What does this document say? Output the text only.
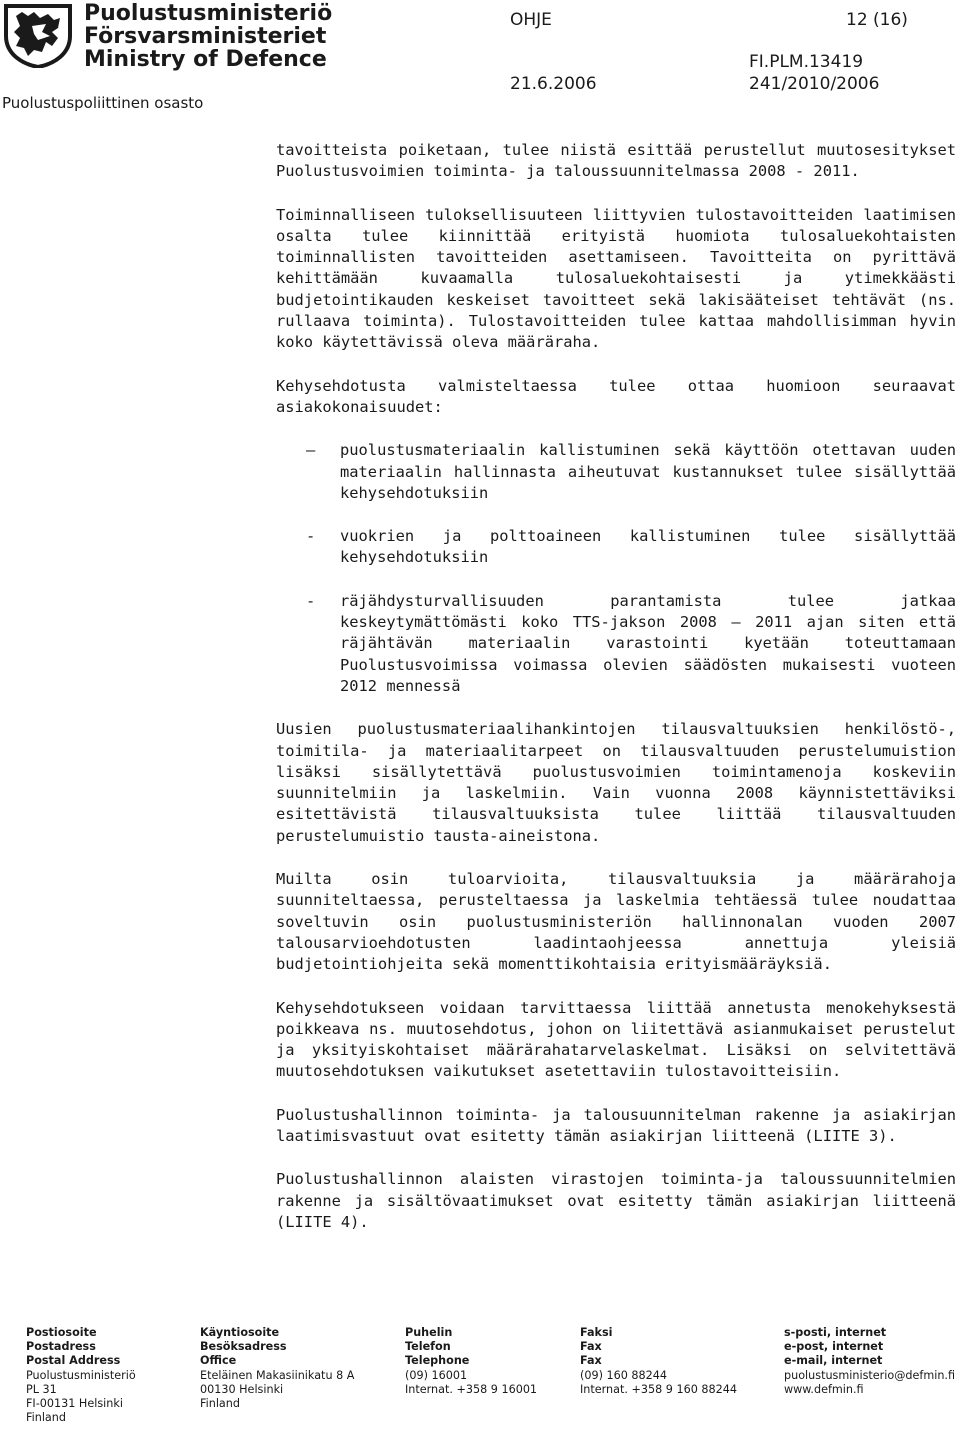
Puolustusministeriö
Försvarsministeriet
Ministry of Defence
Puolustuspoliittinen osasto
OHJE	12 (16)
FI.PLM.13419
21.6.2006	241/2010/2006

tavoitteista poiketaan, tulee niistä esittää perustellut muutosesitykset Puolustusvoimien toiminta- ja taloussuunnitelmassa 2008 - 2011.

Toiminnalliseen tuloksellisuuteen liittyvien tulostavoitteiden laatimisen osalta tulee kiinnittää erityistä huomiota tulosaluekohtaisten toiminnallisten tavoitteiden asettamiseen. Tavoitteita on pyrittävä kehittämään kuvaamalla tulosaluekohtaisesti ja ytimekkäästi budjetointikauden keskeiset tavoitteet sekä lakisääteiset tehtävät (ns. rullaava toiminta). Tulostavoitteiden tulee kattaa mahdollisimman hyvin koko käytettävissä oleva määräraha.

Kehysehdotusta valmisteltaessa tulee ottaa huomioon seuraavat asiakokonaisuudet:

– puolustusmateriaalin kallistuminen sekä käyttöön otettavan uuden materiaalin hallinnasta aiheutuvat kustannukset tulee sisällyttää kehysehdotuksiin
- vuokrien ja polttoaineen kallistuminen tulee sisällyttää kehysehdotuksiin
- räjähdysturvallisuuden parantamista tulee jatkaa keskeytymättömästi koko TTS-jakson 2008 — 2011 ajan siten että räjähtävän materiaalin varastointi kyetään toteuttamaan Puolustusvoimissa voimassa olevien säädösten mukaisesti vuoteen 2012 mennessä

Uusien puolustusmateriaalihankintojen tilausvaltuuksien henkilöstö-, toimitila- ja materiaalitarpeet on tilausvaltuuden perustelumuistion lisäksi sisällytettävä puolustusvoimien toimintamenoja koskeviin suunnitelmiin ja laskelmiin. Vain vuonna 2008 käynnistettäviksi esitettävistä tilausvaltuuksista tulee liittää tilausvaltuuden perustelumuistio tausta-aineistona.

Muilta osin tuloarvioita, tilausvaltuuksia ja määrärahoja suunniteltaessa, perusteltaessa ja laskelmia tehtäessä tulee noudattaa soveltuvin osin puolustusministeriön hallinnonalan vuoden 2007 talousarvioehdotusten laadintaohjeessa annettuja yleisiä budjetointiohjeita sekä momenttikohtaisia erityismääräyksiä.

Kehysehdotukseen voidaan tarvittaessa liittää annetusta menokehyksestä poikkeava ns. muutosehdotus, johon on liitettävä asianmukaiset perustelut ja yksityiskohtaiset määrärahatarvelaskelmat. Lisäksi on selvitettävä muutosehdotuksen vaikutukset asetettaviin tulostavoitteisiin.

Puolustushallinnon toiminta- ja talousuunnitelman rakenne ja asiakirjan laatimisvastuut ovat esitetty tämän asiakirjan liitteenä (LIITE 3).

Puolustushallinnon alaisten virastojen toiminta-ja taloussuunnitelmien rakenne ja sisältövaatimukset ovat esitetty tämän asiakirjan liitteenä (LIITE 4).

Postiosoite
Postadress
Postal Address
Puolustusministeriö
PL 31
FI-00131 Helsinki
Finland
Käyntiosoite
Besöksadress
Office
Eteläinen Makasiinikatu 8 A
00130 Helsinki
Finland
Puhelin
Telefon
Telephone
(09) 16001
Internat. +358 9 16001
Faksi
Fax
Fax
(09) 160 88244
Internat. +358 9 160 88244
s-posti, internet
e-post, internet
e-mail, internet
puolustusministerio@defmin.fi
www.defmin.fi
